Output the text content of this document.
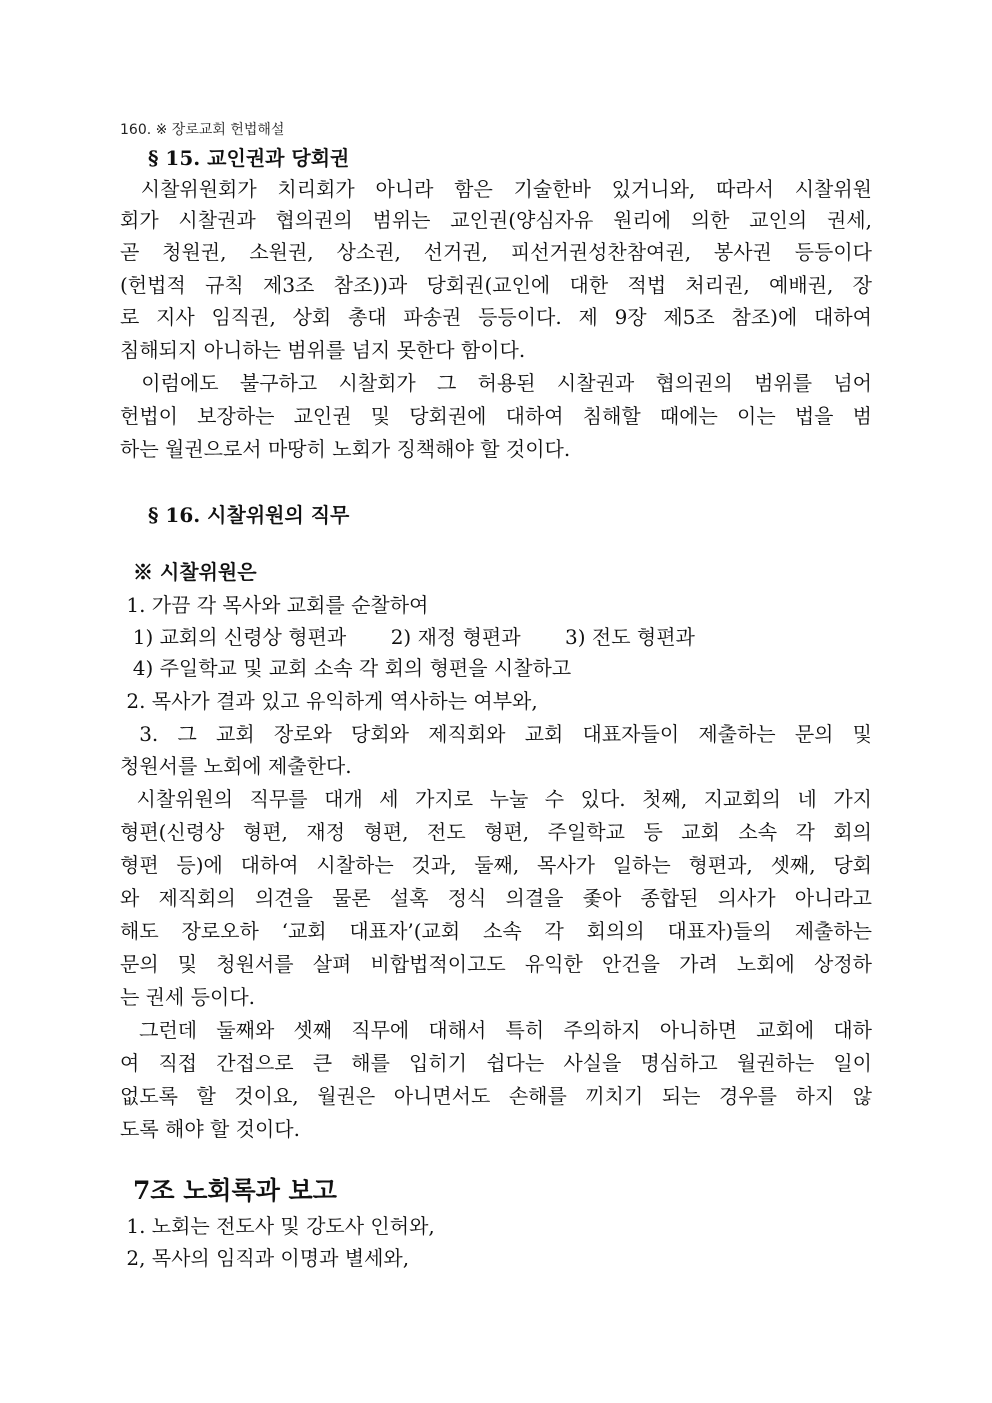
160. ※ 장로교회 헌법해설
§ 15. 교인권과 당회권
시찰위원회가 치리회가 아니라 함은 기술한바 있거니와, 따라서 시찰위원
회가 시찰권과 협의권의 범위는 교인권(양심자유 원리에 의한 교인의 권세,
곧 청원권, 소원권, 상소권, 선거권, 피선거권성찬참여권, 봉사권 등등이다
(헌법적 규칙 제3조 참조))과 당회권(교인에 대한 적법 처리권, 예배권, 장
로 지사 임직권, 상회 총대 파송권 등등이다. 제 9장 제5조 참조)에 대하여
침해되지 아니하는 범위를 넘지 못한다 함이다.
이럼에도 불구하고 시찰회가 그 허용된 시찰권과 협의권의 범위를 넘어
헌법이 보장하는 교인권 및 당회권에 대하여 침해할 때에는 이는 법을 범
하는 월권으로서 마땅히 노회가 징책해야 할 것이다.
§ 16. 시찰위원의 직무
※ 시찰위원은
1. 가끔 각 목사와 교회를 순찰하여
1) 교회의 신령상 형편과       2) 재정 형편과       3) 전도 형편과
4) 주일학교 및 교회 소속 각 회의 형편을 시찰하고
2. 목사가 결과 있고 유익하게 역사하는 여부와,
3. 그 교회 장로와 당회와 제직회와 교회 대표자들이 제출하는 문의 및
청원서를 노회에 제출한다.
시찰위원의 직무를 대개 세 가지로 누눌 수 있다. 첫째, 지교회의 네 가지
형편(신령상 형편, 재정 형편, 전도 형편, 주일학교 등 교회 소속 각 회의
형편 등)에 대하여 시찰하는 것과, 둘째, 목사가 일하는 형편과, 셋째, 당회
와 제직회의 의견을 물론 설혹 정식 의결을 좇아 종합된 의사가 아니라고
해도 장로오하 ‘교회 대표자’(교회 소속 각 회의의 대표자)들의 제출하는
문의 및 청원서를 살펴 비합법적이고도 유익한 안건을 가려 노회에 상정하
는 권세 등이다.
그런데 둘째와 셋째 직무에 대해서 특히 주의하지 아니하면 교회에 대하
여 직접 간접으로 큰 해를 입히기 쉽다는 사실을 명심하고 월권하는 일이
없도록 할 것이요, 월권은 아니면서도 손해를 끼치기 되는 경우를 하지 않
도록 해야 할 것이다.
7조 노회록과 보고
1. 노회는 전도사 및 강도사 인허와,
2, 목사의 임직과 이명과 별세와,
